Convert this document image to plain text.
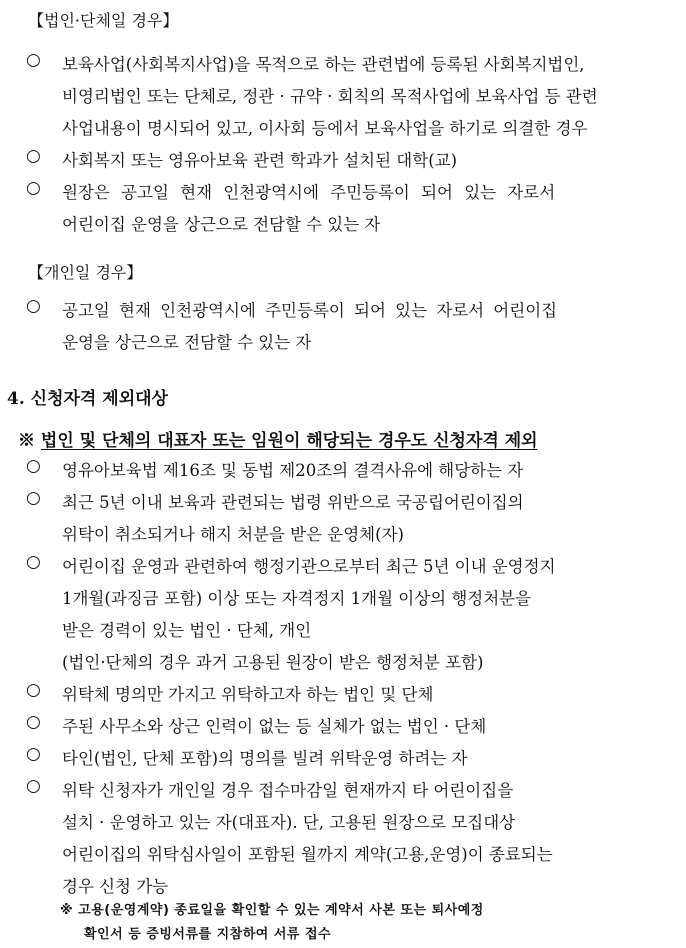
【법인·단체일 경우】
○ 보육사업(사회복지사업)을 목적으로 하는 관련법에 등록된 사회복지법인,
비영리법인 또는 단체로, 정관 · 규약 · 회칙의 목적사업에 보육사업 등 관련
사업내용이 명시되어 있고, 이사회 등에서 보육사업을 하기로 의결한 경우
○ 사회복지 또는 영유아보육 관련 학과가 설치된 대학(교)
○ 원장은 공고일 현재 인천광역시에 주민등록이 되어 있는 자로서
어린이집 운영을 상근으로 전담할 수 있는 자
【개인일 경우】
○ 공고일 현재 인천광역시에 주민등록이 되어 있는 자로서 어린이집
운영을 상근으로 전담할 수 있는 자
4. 신청자격 제외대상
※ 법인 및 단체의 대표자 또는 임원이 해당되는 경우도 신청자격 제외
○ 영유아보육법 제16조 및 동법 제20조의 결격사유에 해당하는 자
○ 최근 5년 이내 보육과 관련되는 법령 위반으로 국공립어린이집의
위탁이 취소되거나 해지 처분을 받은 운영체(자)
○ 어린이집 운영과 관련하여 행정기관으로부터 최근 5년 이내 운영정지
1개월(과징금 포함) 이상 또는 자격정지 1개월 이상의 행정처분을
받은 경력이 있는 법인 · 단체, 개인
(법인·단체의 경우 과거 고용된 원장이 받은 행정처분 포함)
○ 위탁체 명의만 가지고 위탁하고자 하는 법인 및 단체
○ 주된 사무소와 상근 인력이 없는 등 실체가 없는 법인 · 단체
○ 타인(법인, 단체 포함)의 명의를 빌려 위탁운영 하려는 자
○ 위탁 신청자가 개인일 경우 접수마감일 현재까지 타 어린이집을
설치 · 운영하고 있는 자(대표자). 단, 고용된 원장으로 모집대상
어린이집의 위탁심사일이 포함된 월까지 계약(고용,운영)이 종료되는
경우 신청 가능
※ 고용(운영계약) 종료일을 확인할 수 있는 계약서 사본 또는 퇴사예정
확인서 등 증빙서류를 지참하여 서류 접수
